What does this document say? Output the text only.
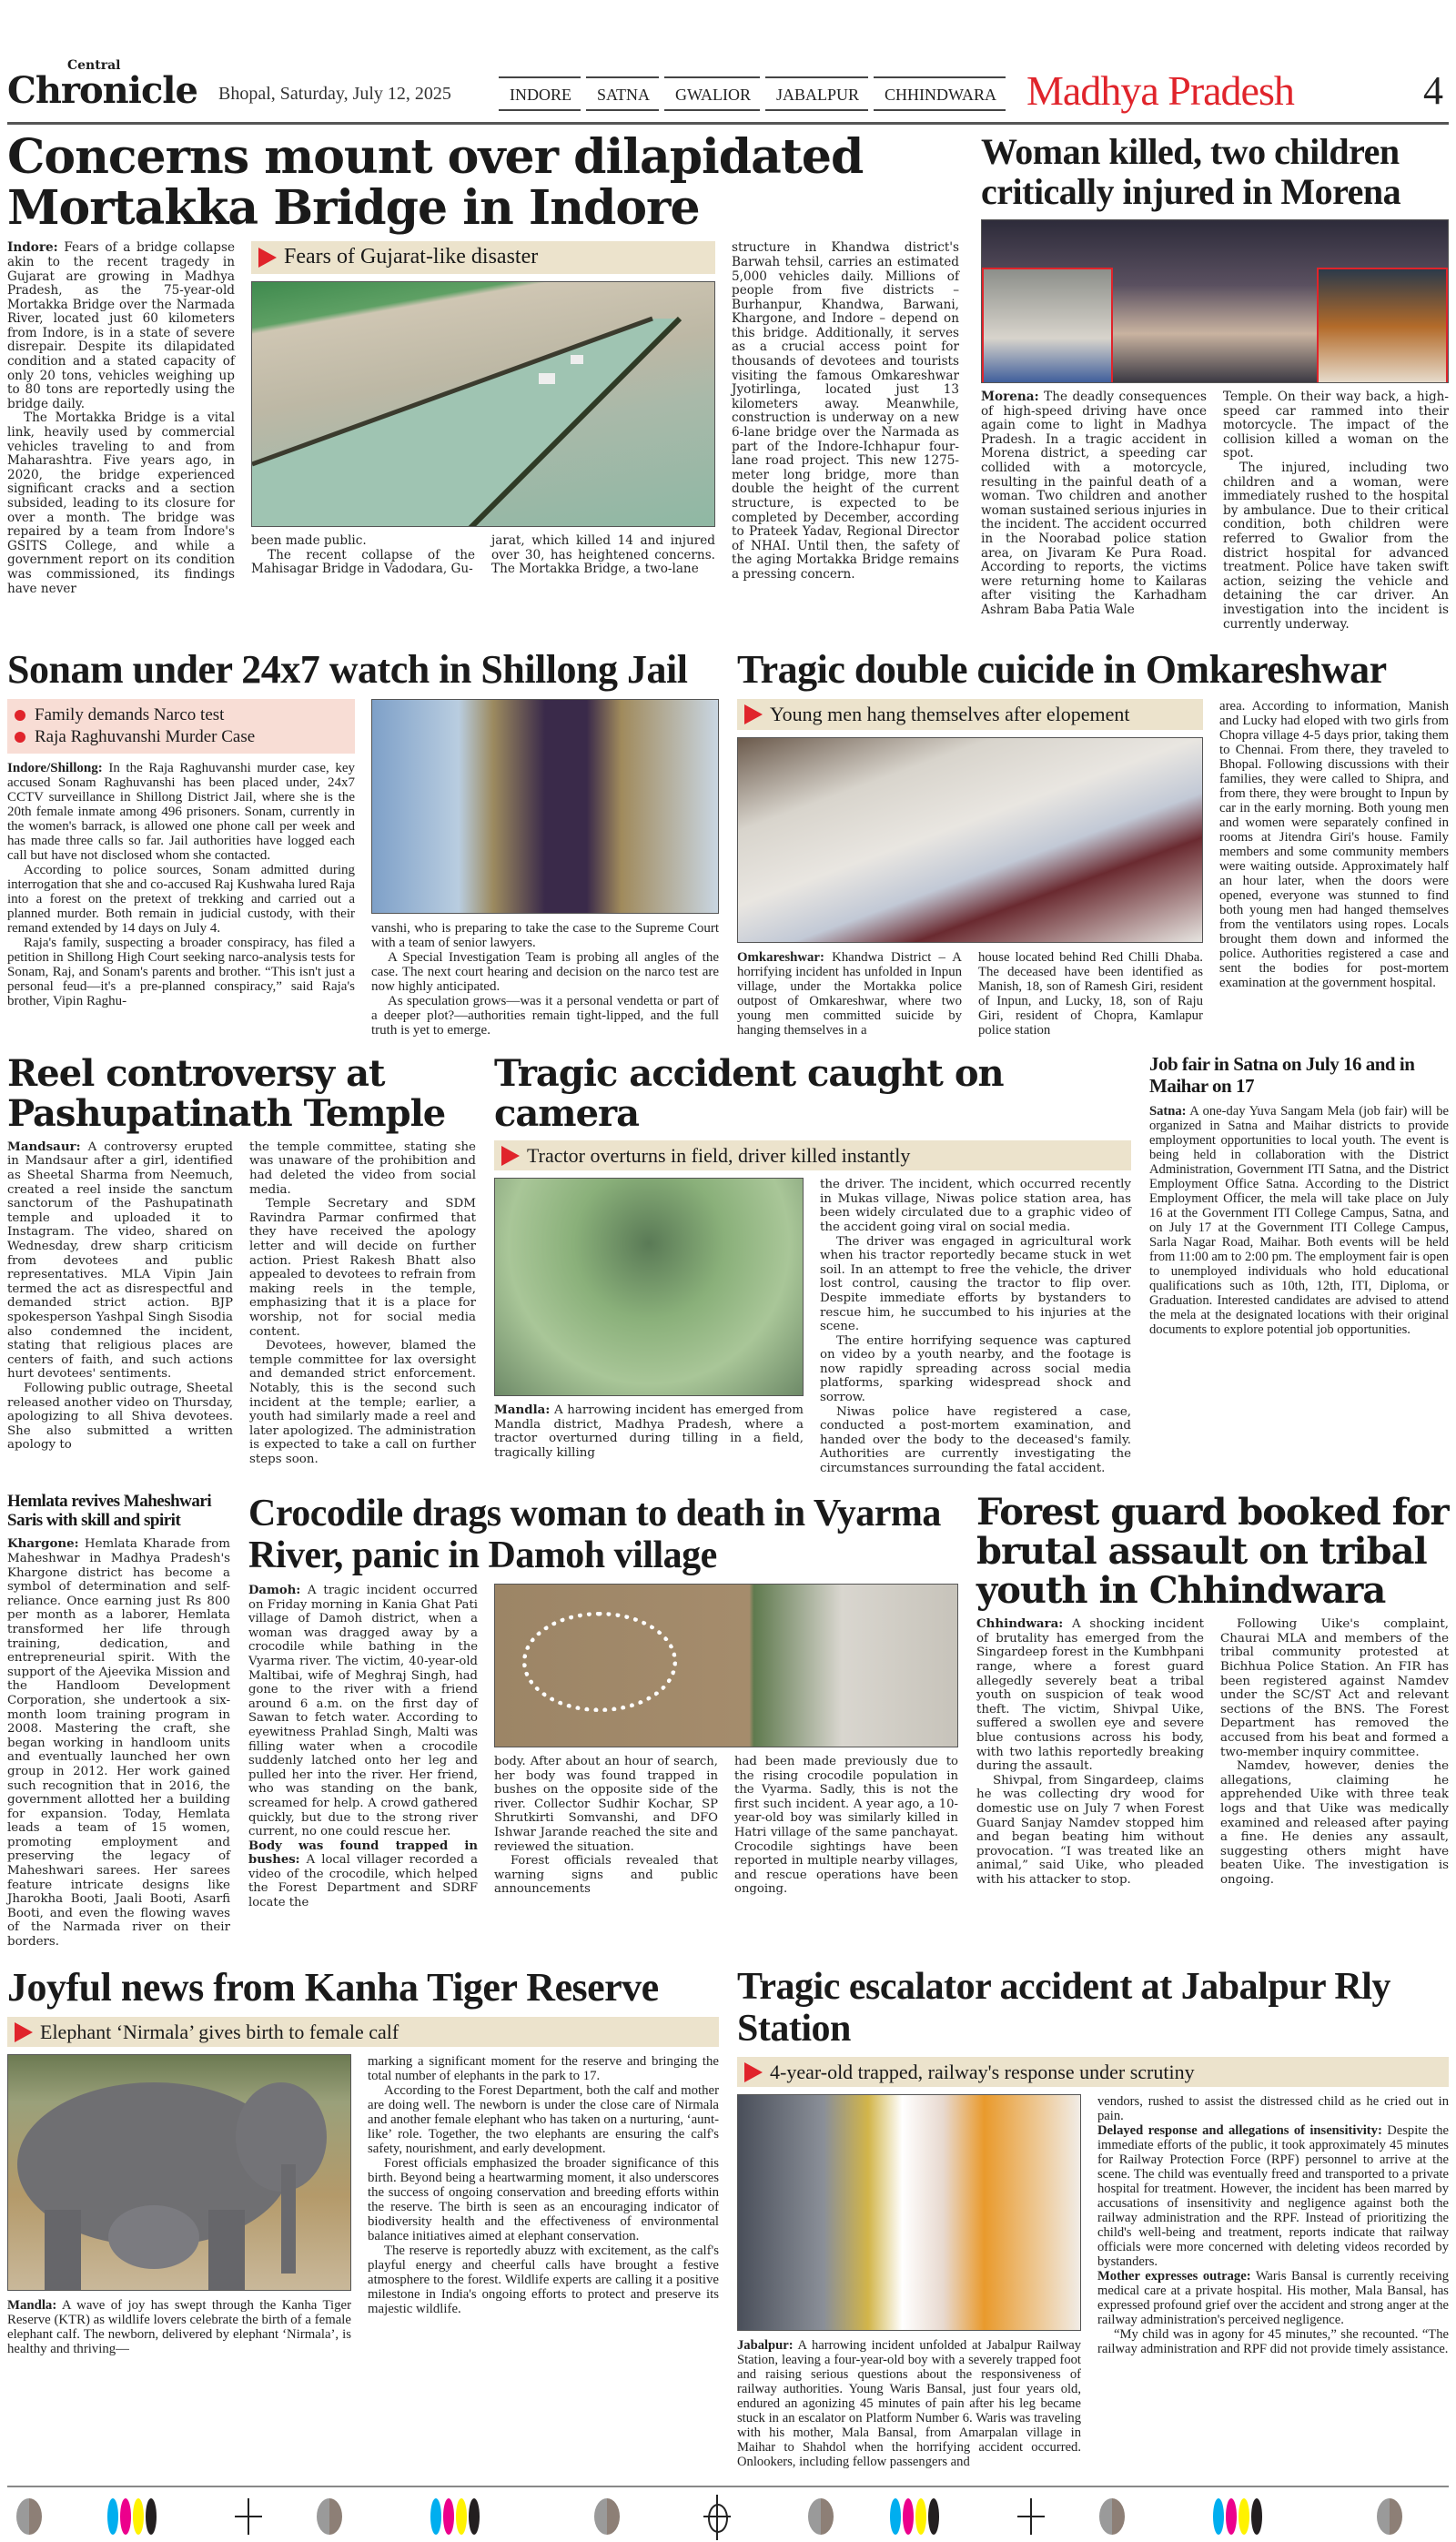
Central
Chronicle Bhopal, Saturday, July 12, 2025	INDORE	SATNA	GWALIOR	JABALPUR	CHHINDWARA Madhya Pradesh	4
Concerns mount over dilapidated Mortakka Bridge in Indore

Indore: Fears of a bridge collapse akin to the recent tragedy in Gujarat are growing in Madhya Pradesh, as the 75-year-old Mortakka Bridge over the Narmada River, located just 60 kilometers from Indore, is in a state of severe disrepair. Despite its dilapidated condition and a stated capacity of only 20 tons, vehicles weighing up to 80 tons are reportedly using the bridge daily.

The Mortakka Bridge is a vital link, heavily used by commercial vehicles traveling to and from Maharashtra. Five years ago, in 2020, the bridge experienced significant cracks and a section subsided, leading to its closure for over a month. The bridge was repaired by a team from Indore's GSITS College, and while a government report on its condition was commissioned, its findings have never

Fears of Gujarat-like disaster

been made public.

The recent collapse of the Mahisagar Bridge in Vadodara, Gu-

jarat, which killed 14 and injured over 30, has heightened concerns. The Mortakka Bridge, a two-lane

structure in Khandwa district's Barwah tehsil, carries an estimated 5,000 vehicles daily. Millions of people from five districts – Burhanpur, Khandwa, Barwani, Khargone, and Indore – depend on this bridge. Additionally, it serves as a crucial access point for thousands of devotees and tourists visiting the famous Omkareshwar Jyotirlinga, located just 13 kilometers away. Meanwhile, construction is underway on a new 6-lane bridge over the Narmada as part of the Indore-Ichhapur four-lane road project. This new 1275-meter long bridge, more than double the height of the current structure, is expected to be completed by December, according to Prateek Yadav, Regional Director of NHAI. Until then, the safety of the aging Mortakka Bridge remains a pressing concern.

Woman killed, two children critically injured in Morena

Morena: The deadly consequences of high-speed driving have once again come to light in Madhya Pradesh. In a tragic accident in Morena district, a speeding car collided with a motorcycle, resulting in the painful death of a woman. Two children and another woman sustained serious injuries in the incident. The accident occurred in the Noorabad police station area, on Jivaram Ke Pura Road. According to reports, the victims were returning home to Kailaras after visiting the Karhadham Ashram Baba Patia Wale

Temple. On their way back, a high-speed car rammed into their motorcycle. The impact of the collision killed a woman on the spot.

The injured, including two children and a woman, were immediately rushed to the hospital by ambulance. Due to their critical condition, both children were referred to Gwalior from the district hospital for advanced treatment. Police have taken swift action, seizing the vehicle and detaining the car driver. An investigation into the incident is currently underway.

Sonam under 24x7 watch in Shillong Jail
Family demands Narco test
Raja Raghuvanshi Murder Case

Indore/Shillong: In the Raja Raghuvanshi murder case, key accused Sonam Raghuvanshi has been placed under, 24x7 CCTV surveillance in Shillong District Jail, where she is the 20th female inmate among 496 prisoners. Sonam, currently in the women's barrack, is allowed one phone call per week and has made three calls so far. Jail authorities have logged each call but have not disclosed whom she contacted.

According to police sources, Sonam admitted during interrogation that she and co-accused Raj Kushwaha lured Raja into a forest on the pretext of trekking and carried out a planned murder. Both remain in judicial custody, with their remand extended by 14 days on July 4.

Raja's family, suspecting a broader conspiracy, has filed a petition in Shillong High Court seeking narco-analysis tests for Sonam, Raj, and Sonam's parents and brother. “This isn't just a personal feud—it's a pre-planned conspiracy,” said Raja's brother, Vipin Raghu-

vanshi, who is preparing to take the case to the Supreme Court with a team of senior lawyers.

A Special Investigation Team is probing all angles of the case. The next court hearing and decision on the narco test are now highly anticipated.

As speculation grows—was it a personal vendetta or part of a deeper plot?—authorities remain tight-lipped, and the full truth is yet to emerge.

Tragic double cuicide in Omkareshwar
Young men hang themselves after elopement

Omkareshwar: Khandwa District – A horrifying incident has unfolded in Inpun village, under the Mortakka police outpost of Omkareshwar, where two young men committed suicide by hanging themselves in a

house located behind Red Chilli Dhaba. The deceased have been identified as Manish, 18, son of Ramesh Giri, resident of Inpun, and Lucky, 18, son of Raju Giri, resident of Chopra, Kamlapur police station

area. According to information, Manish and Lucky had eloped with two girls from Chopra village 4-5 days prior, taking them to Chennai. From there, they traveled to Bhopal. Following discussions with their families, they were called to Shipra, and from there, they were brought to Inpun by car in the early morning. Both young men and women were separately confined in rooms at Jitendra Giri's house. Family members and some community members were waiting outside. Approximately half an hour later, when the doors were opened, everyone was stunned to find both young men had hanged themselves from the ventilators using ropes. Locals brought them down and informed the police. Authorities registered a case and sent the bodies for post-mortem examination at the government hospital.

Reel controversy at Pashupatinath Temple

Mandsaur: A controversy erupted in Mandsaur after a girl, identified as Sheetal Sharma from Neemuch, created a reel inside the sanctum sanctorum of the Pashupatinath temple and uploaded it to Instagram. The video, shared on Wednesday, drew sharp criticism from devotees and public representatives. MLA Vipin Jain termed the act as disrespectful and demanded strict action. BJP spokesperson Yashpal Singh Sisodia also condemned the incident, stating that religious places are centers of faith, and such actions hurt devotees' sentiments.

Following public outrage, Sheetal released another video on Thursday, apologizing to all Shiva devotees. She also submitted a written apology to

the temple committee, stating she was unaware of the prohibition and had deleted the video from social media.

Temple Secretary and SDM Ravindra Parmar confirmed that they have received the apology letter and will decide on further action. Priest Rakesh Bhatt also appealed to devotees to refrain from making reels in the temple, emphasizing that it is a place for worship, not for social media content.

Devotees, however, blamed the temple committee for lax oversight and demanded strict enforcement. Notably, this is the second such incident at the temple; earlier, a youth had similarly made a reel and later apologized. The administration is expected to take a call on further steps soon.

Tragic accident caught on camera
Tractor overturns in field, driver killed instantly

Mandla: A harrowing incident has emerged from Mandla district, Madhya Pradesh, where a tractor overturned during tilling in a field, tragically killing

the driver. The incident, which occurred recently in Mukas village, Niwas police station area, has been widely circulated due to a graphic video of the accident going viral on social media.

The driver was engaged in agricultural work when his tractor reportedly became stuck in wet soil. In an attempt to free the vehicle, the driver lost control, causing the tractor to flip over. Despite immediate efforts by bystanders to rescue him, he succumbed to his injuries at the scene.

The entire horrifying sequence was captured on video by a youth nearby, and the footage is now rapidly spreading across social media platforms, sparking widespread shock and sorrow.

Niwas police have registered a case, conducted a post-mortem examination, and handed over the body to the deceased's family. Authorities are currently investigating the circumstances surrounding the fatal accident.

Job fair in Satna on July 16 and in Maihar on 17

Satna: A one-day Yuva Sangam Mela (job fair) will be organized in Satna and Maihar districts to provide employment opportunities to local youth. The event is being held in collaboration with the District Administration, Government ITI Satna, and the District Employment Office Satna. According to the District Employment Officer, the mela will take place on July 16 at the Government ITI College Campus, Satna, and on July 17 at the Government ITI College Campus, Sarla Nagar Road, Maihar. Both events will be held from 11:00 am to 2:00 pm. The employment fair is open to unemployed individuals who hold educational qualifications such as 10th, 12th, ITI, Diploma, or Graduation. Interested candidates are advised to attend the mela at the designated locations with their original documents to explore potential job opportunities.

Hemlata revives Maheshwari Saris with skill and spirit

Khargone: Hemlata Kharade from Maheshwar in Madhya Pradesh's Khargone district has become a symbol of determination and self-reliance. Once earning just Rs 800 per month as a laborer, Hemlata transformed her life through training, dedication, and entrepreneurial spirit. With the support of the Ajeevika Mission and the Handloom Development Corporation, she undertook a six-month loom training program in 2008. Mastering the craft, she began working in handloom units and eventually launched her own group in 2012. Her work gained such recognition that in 2016, the government allotted her a building for expansion. Today, Hemlata leads a team of 15 women, promoting employment and preserving the legacy of Maheshwari sarees. Her sarees feature intricate designs like Jharokha Booti, Jaali Booti, Asarfi Booti, and even the flowing waves of the Narmada river on their borders.

Crocodile drags woman to death in Vyarma River, panic in Damoh village

Damoh: A tragic incident occurred on Friday morning in Kania Ghat Pati village of Damoh district, when a woman was dragged away by a crocodile while bathing in the Vyarma river. The victim, 40-year-old Maltibai, wife of Meghraj Singh, had gone to the river with a friend around 6 a.m. on the first day of Sawan to fetch water. According to eyewitness Prahlad Singh, Malti was filling water when a crocodile suddenly latched onto her leg and pulled her into the river. Her friend, who was standing on the bank, screamed for help. A crowd gathered quickly, but due to the strong river current, no one could rescue her.

Body was found trapped in bushes: A local villager recorded a video of the crocodile, which helped the Forest Department and SDRF locate the

body. After about an hour of search, her body was found trapped in bushes on the opposite side of the river. Collector Sudhir Kochar, SP Shrutkirti Somvanshi, and DFO Ishwar Jarande reached the site and reviewed the situation.

Forest officials revealed that warning signs and public announcements

had been made previously due to the rising crocodile population in the Vyarma. Sadly, this is not the first such incident. A year ago, a 10-year-old boy was similarly killed in Hatri village of the same panchayat. Crocodile sightings have been reported in multiple nearby villages, and rescue operations have been ongoing.

Forest guard booked for brutal assault on tribal youth in Chhindwara

Chhindwara: A shocking incident of brutality has emerged from the Singardeep forest in the Kumbhpani range, where a forest guard allegedly severely beat a tribal youth on suspicion of teak wood theft. The victim, Shivpal Uike, suffered a swollen eye and severe blue contusions across his body, with two lathis reportedly breaking during the assault.

Shivpal, from Singardeep, claims he was collecting dry wood for domestic use on July 7 when Forest Guard Sanjay Namdev stopped him and began beating him without provocation. “I was treated like an animal,” said Uike, who pleaded with his attacker to stop.

Following Uike's complaint, Chaurai MLA and members of the tribal community protested at Bichhua Police Station. An FIR has been registered against Namdev under the SC/ST Act and relevant sections of the BNS. The Forest Department has removed the accused from his beat and formed a two-member inquiry committee.

Namdev, however, denies the allegations, claiming he apprehended Uike with three teak logs and that Uike was medically examined and released after paying a fine. He denies any assault, suggesting others might have beaten Uike. The investigation is ongoing.

Joyful news from Kanha Tiger Reserve
Elephant ‘Nirmala’ gives birth to female calf

Mandla: A wave of joy has swept through the Kanha Tiger Reserve (KTR) as wildlife lovers celebrate the birth of a female elephant calf. The newborn, delivered by elephant ‘Nirmala’, is healthy and thriving—

marking a significant moment for the reserve and bringing the total number of elephants in the park to 17.

According to the Forest Department, both the calf and mother are doing well. The newborn is under the close care of Nirmala and another female elephant who has taken on a nurturing, ‘aunt-like’ role. Together, the two elephants are ensuring the calf's safety, nourishment, and early development.

Forest officials emphasized the broader significance of this birth. Beyond being a heartwarming moment, it also underscores the success of ongoing conservation and breeding efforts within the reserve. The birth is seen as an encouraging indicator of biodiversity health and the effectiveness of environmental balance initiatives aimed at elephant conservation.

The reserve is reportedly abuzz with excitement, as the calf's playful energy and cheerful calls have brought a festive atmosphere to the forest. Wildlife experts are calling it a positive milestone in India's ongoing efforts to protect and preserve its majestic wildlife.

Tragic escalator accident at Jabalpur Rly Station
4-year-old trapped, railway's response under scrutiny

Jabalpur: A harrowing incident unfolded at Jabalpur Railway Station, leaving a four-year-old boy with a severely trapped foot and raising serious questions about the responsiveness of railway authorities. Young Waris Bansal, just four years old, endured an agonizing 45 minutes of pain after his leg became stuck in an escalator on Platform Number 6. Waris was traveling with his mother, Mala Bansal, from Amarpalan village in Maihar to Shahdol when the horrifying accident occurred. Onlookers, including fellow passengers and

vendors, rushed to assist the distressed child as he cried out in pain.

Delayed response and allegations of insensitivity: Despite the immediate efforts of the public, it took approximately 45 minutes for Railway Protection Force (RPF) personnel to arrive at the scene. The child was eventually freed and transported to a private hospital for treatment. However, the incident has been marred by accusations of insensitivity and negligence against both the railway administration and the RPF. Instead of prioritizing the child's well-being and treatment, reports indicate that railway officials were more concerned with deleting videos recorded by bystanders.

Mother expresses outrage: Waris Bansal is currently receiving medical care at a private hospital. His mother, Mala Bansal, has expressed profound grief over the accident and strong anger at the railway administration's perceived negligence.

“My child was in agony for 45 minutes,” she recounted. “The railway administration and RPF did not provide timely assistance.
